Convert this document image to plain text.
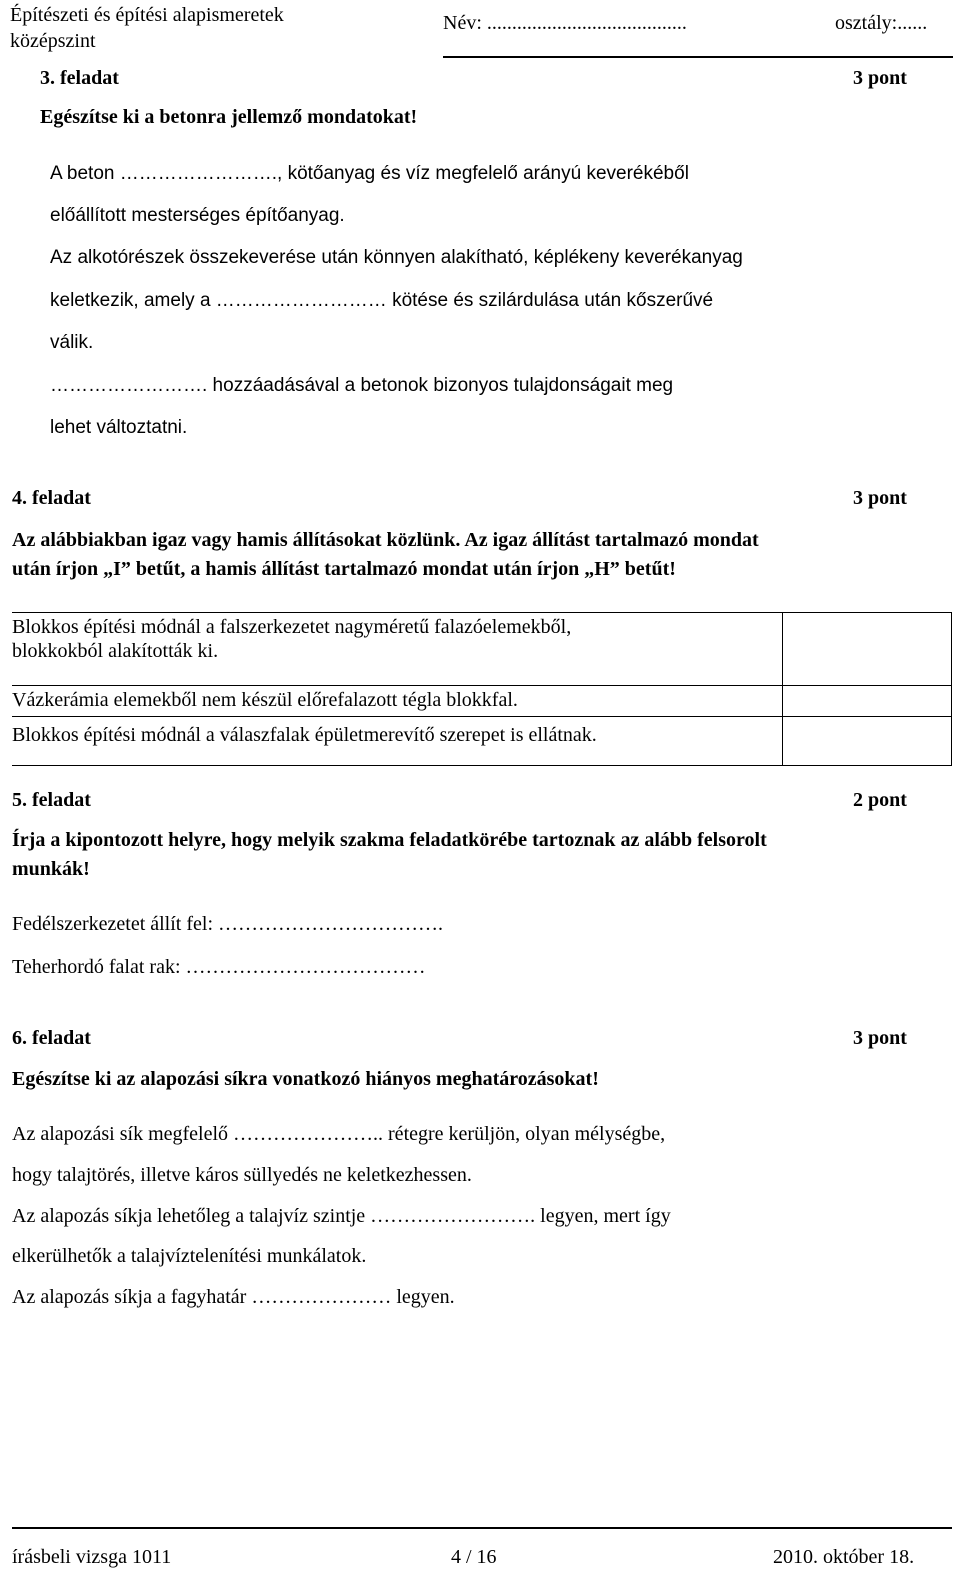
Építészeti és építési alapismeretek
középszint
Név: ........................................	osztály:......
3. feladat	3 pont
Egészítse ki a betonra jellemző mondatokat!
A beton ……………………., kötőanyag és víz megfelelő arányú keverékéből
előállított mesterséges építőanyag.
Az alkotórészek összekeverése után könnyen alakítható, képlékeny keverékanyag
keletkezik, amely a ……………………… kötése és szilárdulása után kőszerűvé
válik.
……………………. hozzáadásával a betonok bizonyos tulajdonságait meg
lehet változtatni.
4. feladat	3 pont
Az alábbiakban igaz vagy hamis állításokat közlünk. Az igaz állítást tartalmazó mondat
után írjon „I” betűt, a hamis állítást tartalmazó mondat után írjon „H” betűt!
Blokkos építési módnál a falszerkezetet nagyméretű falazóelemekből,
blokkokból alakították ki.	

Vázkerámia elemekből nem készül előrefalazott tégla blokkfal.	

Blokkos építési módnál a válaszfalak épületmerevítő szerepet is ellátnak.	

5. feladat	2 pont
Írja a kipontozott helyre, hogy melyik szakma feladatkörébe tartoznak az alább felsorolt
munkák!
Fedélszerkezetet állít fel: …………………………….
Teherhordó falat rak: ………………………………
6. feladat	3 pont
Egészítse ki az alapozási síkra vonatkozó hiányos meghatározásokat!
Az alapozási sík megfelelő ………………….. rétegre kerüljön, olyan mélységbe,
hogy talajtörés, illetve káros süllyedés ne keletkezhessen.
Az alapozás síkja lehetőleg a talajvíz szintje ……………………. legyen, mert így
elkerülhetők a talajvíztelenítési munkálatok.
Az alapozás síkja a fagyhatár ………………… legyen.
írásbeli vizsga 1011	4 / 16	2010. október 18.
